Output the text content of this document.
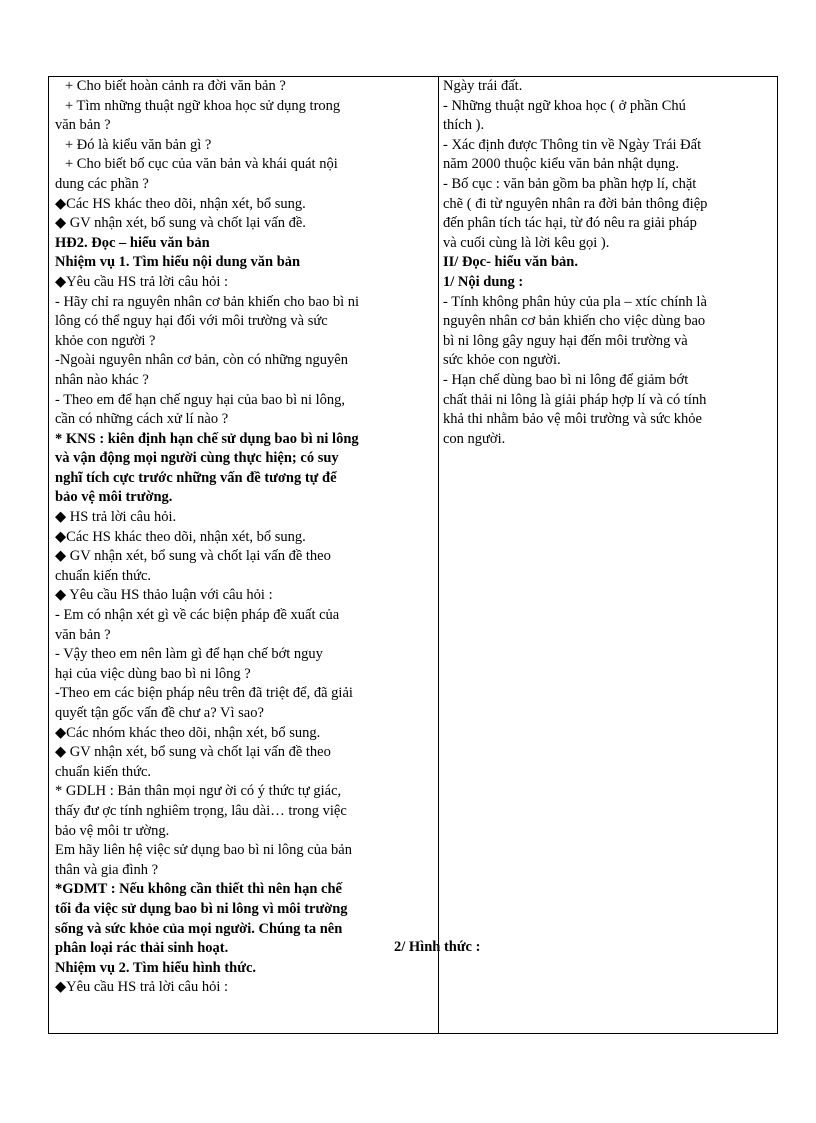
+ Cho biết hoàn cảnh ra đời văn bản ?

+ Tìm những thuật ngữ khoa học sử dụng trong

văn bản ?

+ Đó là kiểu văn bản gì ?

+ Cho biết bố cục của văn bản và khái quát nội

dung các phần ?

◆Các HS khác theo dõi, nhận xét, bổ sung.

◆ GV nhận xét, bổ sung và chốt lại vấn đề.

HĐ2. Đọc – hiểu văn bản

Nhiệm vụ 1. Tìm hiểu nội dung văn bản

◆Yêu cầu HS trả lời câu hỏi :

- Hãy chỉ ra nguyên nhân cơ bản khiến cho bao bì ni

lông có thể nguy hại đối với môi trường và sức

khỏe con người ?

-Ngoài nguyên nhân cơ bản, còn có những nguyên

nhân nào khác ?

- Theo em để hạn chế nguy hại của bao bì ni lông,

cần có những cách xử lí nào ?

* KNS : kiên định hạn chế sử dụng bao bì ni lông

và vận động mọi người cùng thực hiện; có suy

nghĩ tích cực trước những vấn đề tương tự để

bảo vệ môi trường.

◆ HS trả lời câu hỏi.

◆Các HS khác theo dõi, nhận xét, bổ sung.

◆ GV nhận xét, bổ sung và chốt lại vấn đề theo

chuẩn kiến thức.

◆ Yêu cầu HS thảo luận với câu hỏi :

- Em có nhận xét gì về các biện pháp đề xuất của

văn bản ?

- Vậy theo em nên làm gì để hạn chế bớt nguy

hại của việc dùng bao bì ni lông ?

-Theo em các biện pháp nêu trên đã triệt để, đã giải

quyết tận gốc vấn đề chư a? Vì sao?

◆Các nhóm khác theo dõi, nhận xét, bổ sung.

◆ GV nhận xét, bổ sung và chốt lại vấn đề theo

chuẩn kiến thức.

* GDLH : Bản thân mọi ngư ời có ý thức tự giác,

thấy đư ợc tính nghiêm trọng, lâu dài… trong việc

bảo vệ môi tr ường.

Em hãy liên hệ việc sử dụng bao bì ni lông của bản

thân và gia đình ?

*GDMT : Nếu không cần thiết thì nên hạn chế

tối đa việc sử dụng bao bì ni lông vì môi trường

sống và sức khỏe của mọi người. Chúng ta nên

phân loại rác thải sinh hoạt.

Nhiệm vụ 2. Tìm hiểu hình thức.

◆Yêu cầu HS trả lời câu hỏi :

Ngày trái đất.

- Những thuật ngữ khoa học ( ở phần Chú

thích ).

- Xác định được Thông tin về Ngày Trái Đất

năm 2000 thuộc kiểu văn bản nhật dụng.

- Bố cục : văn bản gồm ba phần hợp lí, chặt

chẽ ( đi từ nguyên nhân ra đời bản thông điệp

đến phân tích tác hại, từ đó nêu ra giải pháp

và cuối cùng là lời kêu gọi ).

II/ Đọc- hiểu văn bản.

1/ Nội dung :

- Tính không phân hủy của pla – xtíc chính là

nguyên nhân cơ bản khiến cho việc dùng bao

bì ni lông gây nguy hại đến môi trường và

sức khỏe con người.

- Hạn chế dùng bao bì ni lông để giảm bớt

chất thải ni lông là giải pháp hợp lí và có tính

khả thi nhằm bảo vệ môi trường và sức khỏe

con người.

2/ Hình thức :
